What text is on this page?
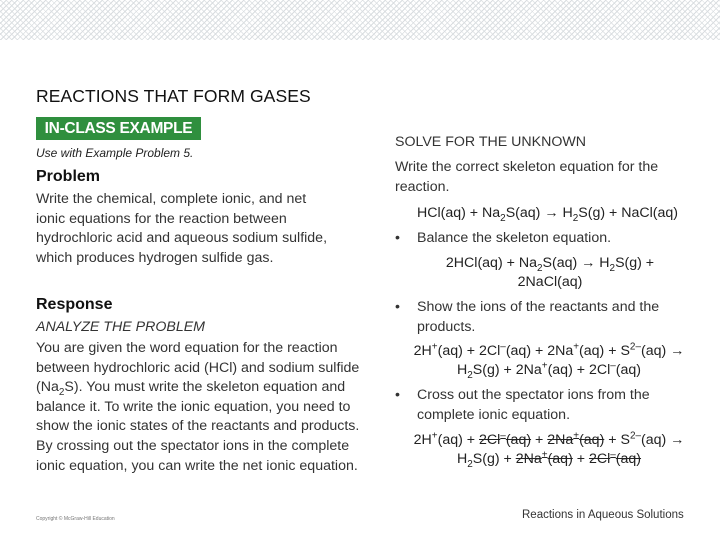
REACTIONS THAT FORM GASES
IN-CLASS EXAMPLE
Use with Example Problem 5.
Problem
Write the chemical, complete ionic, and net ionic equations for the reaction between hydrochloric acid and aqueous sodium sulfide, which produces hydrogen sulfide gas.
Response
ANALYZE THE PROBLEM
You are given the word equation for the reaction between hydrochloric acid (HCl) and sodium sulfide $(Na_2S)$. You must write the skeleton equation and balance it. To write the ionic equation, you need to show the ionic states of the reactants and products. By crossing out the spectator ions in the complete ionic equation, you can write the net ionic equation.
Copyright © McGraw-Hill Education
SOLVE FOR THE UNKNOWN
Write the correct skeleton equation for the reaction.
$HCl(aq) + Na_2S(aq) \to H_2S(g)$ + NaCl(aq)
• Balance the skeleton equation.
$2HCl(aq) + Na_2S(aq) \to H_2S(g)$ +
2NaCl(aq)
• Show the ions of the reactants and the products.
$2H^+(aq) + 2Cl^-(aq) + 2Na^+(aq) + S^{2-}(aq)$ →
$H_2S(g) + 2Na^+(aq) + 2Cl^-(aq)$
• Cross out the spectator ions from the complete ionic equation.
$2H^+(aq) + 2Cl^-(aq) + 2Na^+(aq) + S^{2-}(aq)$ →
$H_2S(g) + 2Na^+(aq) + 2Cl^-(aq)$
Reactions in Aqueous Solutions
